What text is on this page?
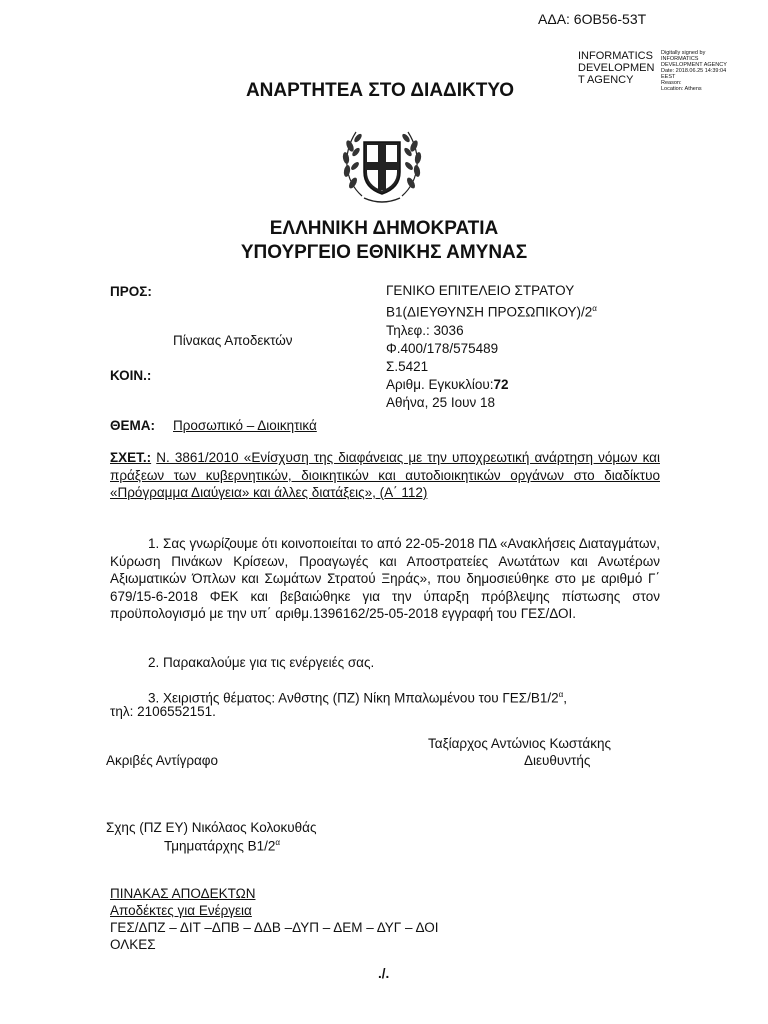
ΑΔΑ: 6ΟΒ56-53Τ
INFORMATICS DEVELOPMEN T AGENCY
Digitally signed by
INFORMATICS
DEVELOPMENT AGENCY
Date: 2018.06.25 14:39:04
EEST
Reason:
Location: Athens
ΑΝΑΡΤΗΤΕΑ ΣΤΟ ΔΙΑΔΙΚΤΥΟ
ΕΛΛΗΝΙΚΗ ΔΗΜΟΚΡΑΤΙΑ
ΥΠΟΥΡΓΕΙΟ ΕΘΝΙΚΗΣ ΑΜΥΝΑΣ
ΠΡΟΣ:
Πίνακας Αποδεκτών
ΚΟΙΝ.:
ΓΕΝΙΚΟ ΕΠΙΤΕΛΕΙΟ ΣΤΡΑΤΟΥ
Β1(ΔΙΕΥΘΥΝΣΗ $\Pi PO\Sigma\Omega\Pi IKO\Upsilon)/2^\alpha$
Τηλεφ.: 3036
Φ.400/178/575489
Σ.5421
Αριθμ. Εγκυκλίου:72
Αθήνα, 25 Ιουν 18
ΘΕΜΑ: Προσωπικό – Διοικητικά
ΣΧΕΤ.: Ν. 3861/2010 «Ενίσχυση της διαφάνειας με την υποχρεωτική ανάρτηση νόμων και πράξεων των κυβερνητικών, διοικητικών και αυτοδιοικητικών οργάνων στο διαδίκτυο «Πρόγραμμα Διαύγεια» και άλλες διατάξεις», (Α΄ 112)
1. Σας γνωρίζουμε ότι κοινοποιείται το από 22-05-2018 ΠΔ «Ανακλήσεις Διαταγμάτων, Κύρωση Πινάκων Κρίσεων, Προαγωγές και Αποστρατείες Ανωτάτων και Ανωτέρων Αξιωματικών Όπλων και Σωμάτων Στρατού Ξηράς», που δημοσιεύθηκε στο με αριθμό Γ΄ 679/15-6-2018 ΦΕΚ και βεβαιώθηκε για την ύπαρξη πρόβλεψης πίστωσης στον προϋπολογισμό με την υπ΄ αριθμ.1396162/25-05-2018 εγγραφή του ΓΕΣ/ΔΟΙ.
2. Παρακαλούμε για τις ενέργειές σας.
3. Χειριστής θέματος: Ανθστης (ΠΖ) Νίκη Μπαλωμένου του ΓΕΣ/$B1/2^\alpha$,
τηλ: 2106552151.
Ταξίαρχος Αντώνιος Κωστάκης
Διευθυντής
Ακριβές Αντίγραφο
Σχης (ΠΖ ΕΥ) Νικόλαος Κολοκυθάς
Τμηματάρχης $B1/2^\alpha$
ΠΙΝΑΚΑΣ ΑΠΟΔΕΚΤΩΝ
Αποδέκτες για Ενέργεια
ΓΕΣ/ΔΠΖ – ΔΙΤ –ΔΠΒ – ΔΔΒ –ΔΥΠ – ΔΕΜ – ΔΥΓ – ΔΟΙ
ΟΛΚΕΣ
./.
